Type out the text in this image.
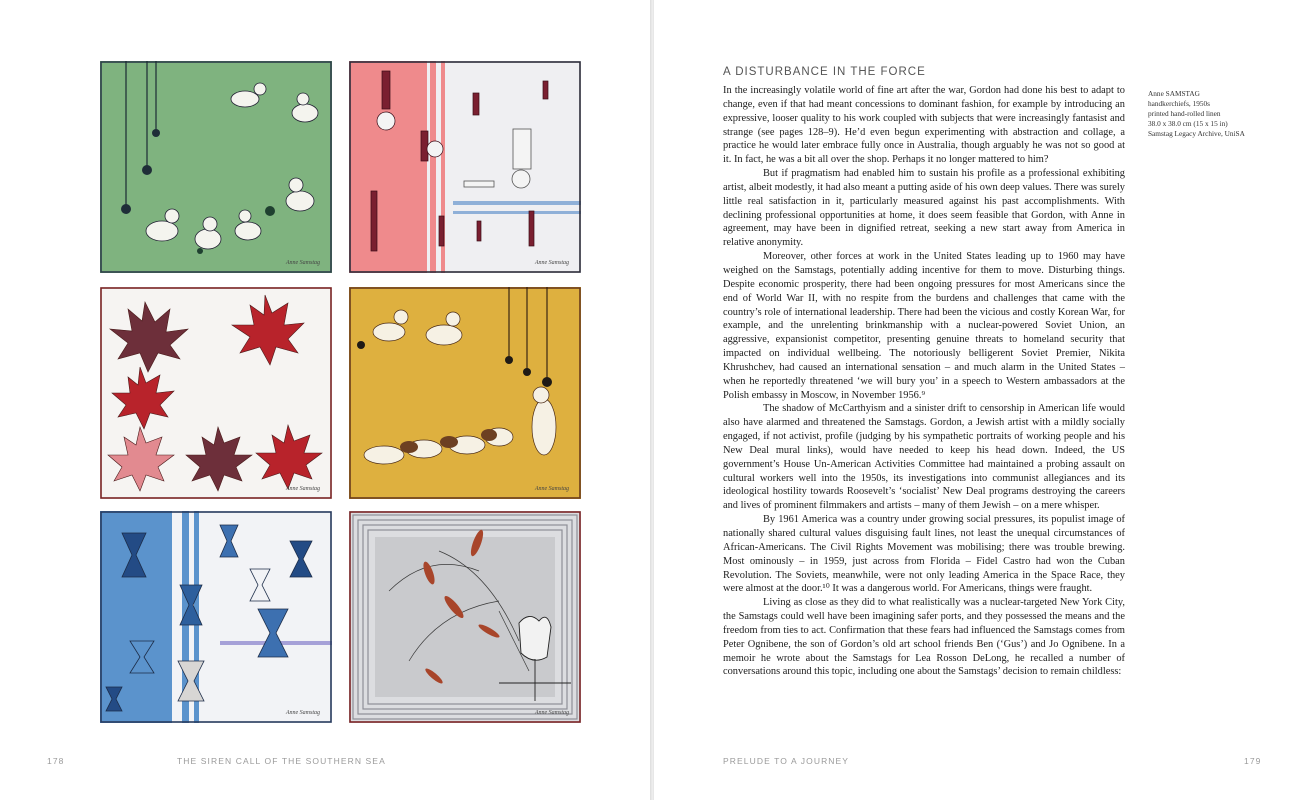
Anne Samstag	Anne Samstag
Anne Samstag	Anne Samstag
Anne Samstag	Anne Samstag
178	THE SIREN CALL OF THE SOUTHERN SEA
A DISTURBANCE IN THE FORCE

In the increasingly volatile world of fine art after the war, Gordon had done his best to adapt to change, even if that had meant concessions to dominant fashion, for example by introducing an expressive, looser quality to his work coupled with subjects that were increasingly fantasist and strange (see pages 128–9). He’d even begun experimenting with abstraction and collage, a practice he would later embrace fully once in Australia, though arguably he was not so good at it. In fact, he was a bit all over the shop. Perhaps it no longer mattered to him?

But if pragmatism had enabled him to sustain his profile as a professional exhibiting artist, albeit modestly, it had also meant a putting aside of his own deep values. There was surely little real satisfaction in it, particularly measured against his past accomplishments. With declining professional opportunities at home, it does seem feasible that Gordon, with Anne in agreement, may have been in dignified retreat, seeking a new start away from America in relative anonymity.

Moreover, other forces at work in the United States leading up to 1960 may have weighed on the Samstags, potentially adding incentive for them to move. Disturbing things. Despite economic prosperity, there had been ongoing pressures for most Americans since the end of World War II, with no respite from the burdens and challenges that came with the country’s role of international leadership. There had been the vicious and costly Korean War, for example, and the unrelenting brinkmanship with a nuclear-powered Soviet Union, an aggressive, expansionist competitor, presenting genuine threats to homeland security that impacted on individual wellbeing. The notoriously belligerent Soviet Premier, Nikita Khrushchev, had caused an international sensation – and much alarm in the United States – when he reportedly threatened ‘we will bury you’ in a speech to Western ambassadors at the Polish embassy in Moscow, in November 1956.⁹

The shadow of McCarthyism and a sinister drift to censorship in American life would also have alarmed and threatened the Samstags. Gordon, a Jewish artist with a mildly socially engaged, if not activist, profile (judging by his sympathetic portraits of working people and his New Deal mural links), would have needed to keep his head down. Indeed, the US government’s House Un-American Activities Committee had maintained a probing assault on cultural workers well into the 1950s, its investigations into communist allegiances and its ideological hostility towards Roosevelt’s ‘socialist’ New Deal programs destroying the careers and lives of prominent filmmakers and artists – many of them Jewish – on a mere whisper.

By 1961 America was a country under growing social pressures, its populist image of nationally shared cultural values disguising fault lines, not least the unequal circumstances of African-Americans. The Civil Rights Movement was mobilising; there was trouble brewing. Most ominously – in 1959, just across from Florida – Fidel Castro had won the Cuban Revolution. The Soviets, meanwhile, were not only leading America in the Space Race, they were almost at the door.¹⁰ It was a dangerous world. For Americans, things were fraught.

Living as close as they did to what realistically was a nuclear-targeted New York City, the Samstags could well have been imagining safer ports, and they possessed the means and the freedom from ties to act. Confirmation that these fears had influenced the Samstags comes from Peter Ognibene, the son of Gordon’s old art school friends Ben (‘Gus’) and Jo Ognibene. In a memoir he wrote about the Samstags for Lea Rosson DeLong, he recalled a number of conversations around this topic, including one about the Samstags’ decision to remain childless:

Anne SAMSTAG
handkerchiefs, 1950s
printed hand-rolled linen
38.0 x 38.0 cm (15 x 15 in)
Samstag Legacy Archive, UniSA
PRELUDE TO A JOURNEY	179
